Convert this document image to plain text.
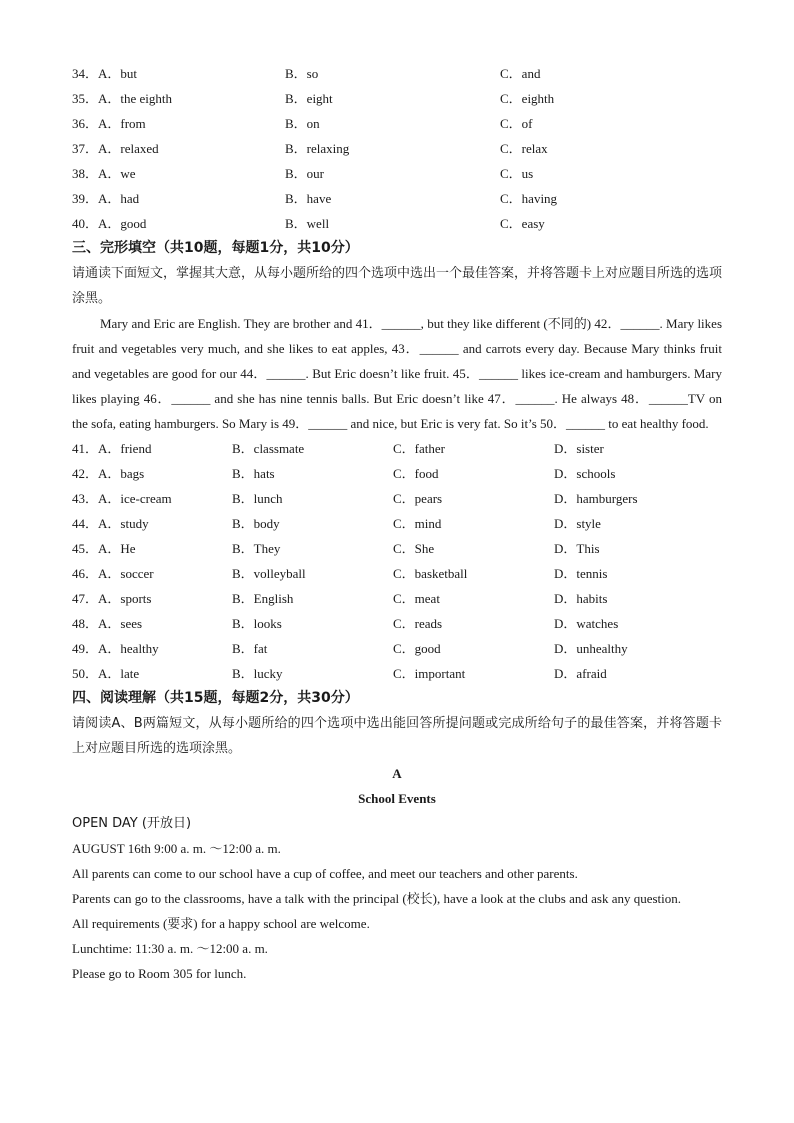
34．A．but	B．so	C．and
35．A．the eighth	B．eight	C．eighth
36．A．from	B．on	C．of
37．A．relaxed	B．relaxing	C．relax
38．A．we	B．our	C．us
39．A．had	B．have	C．having
40．A．good	B．well	C．easy
三、完形填空（共10题，每题1分，共10分）
请通读下面短文，掌握其大意，从每小题所给的四个选项中选出一个最佳答案，并将答题卡上对应题目所选的选项涂黑。
Mary and Eric are English. They are brother and 41．______, but they like different (不同的) 42．______. Mary likes fruit and vegetables very much, and she likes to eat apples, 43．______ and carrots every day. Because Mary thinks fruit and vegetables are good for our 44．______. But Eric doesn’t like fruit. 45．______ likes ice-cream and hamburgers. Mary likes playing 46．______ and she has nine tennis balls. But Eric doesn’t like 47．______. He always 48．______TV on the sofa, eating hamburgers. So Mary is 49．______ and nice, but Eric is very fat. So it’s 50．______ to eat healthy food.
41．A．friend	B．classmate	C．father	D．sister
42．A．bags	B．hats	C．food	D．schools
43．A．ice-cream	B．lunch	C．pears	D．hamburgers
44．A．study	B．body	C．mind	D．style
45．A．He	B．They	C．She	D．This
46．A．soccer	B．volleyball	C．basketball	D．tennis
47．A．sports	B．English	C．meat	D．habits
48．A．sees	B．looks	C．reads	D．watches
49．A．healthy	B．fat	C．good	D．unhealthy
50．A．late	B．lucky	C．important	D．afraid
四、阅读理解（共15题，每题2分，共30分）
请阅读A、B两篇短文，从每小题所给的四个选项中选出能回答所提问题或完成所给句子的最佳答案，并将答题卡上对应题目所选的选项涂黑。
A
School Events
OPEN DAY (开放日)
AUGUST 16th 9:00 a. m. ～12:00 a. m.
All parents can come to our school have a cup of coffee, and meet our teachers and other parents.
Parents can go to the classrooms, have a talk with the principal (校长), have a look at the clubs and ask any question.
All requirements (要求) for a happy school are welcome.
Lunchtime: 11:30 a. m. ～12:00 a. m.
Please go to Room 305 for lunch.
